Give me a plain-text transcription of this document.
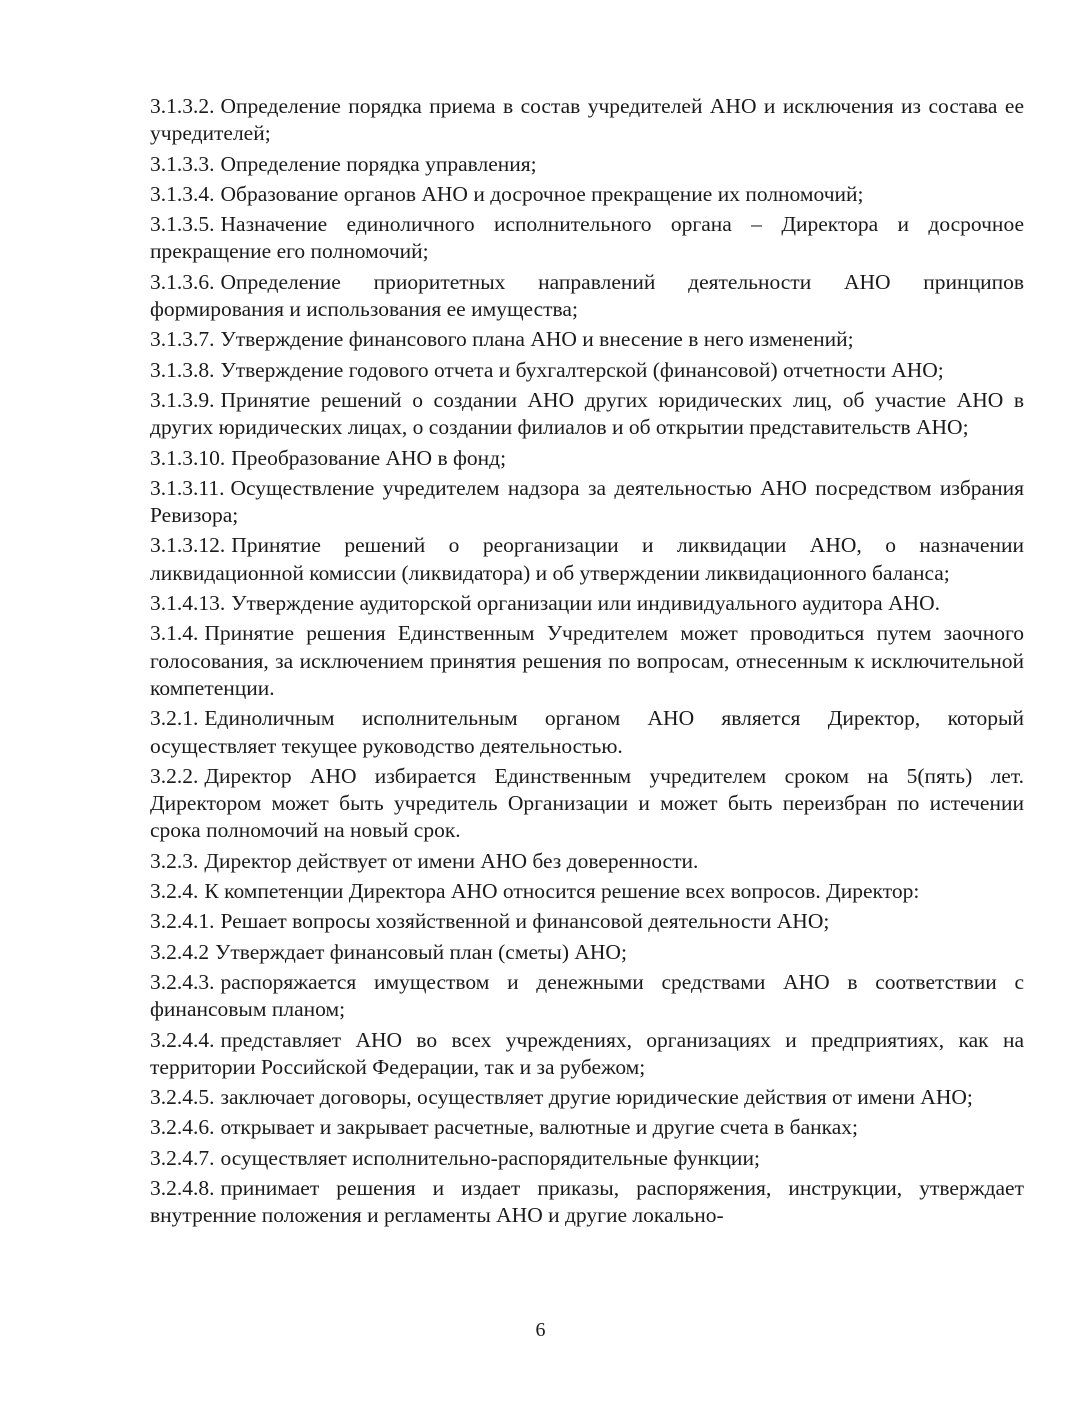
3.1.3.2. Определение порядка приема в состав учредителей АНО и исключения из состава ее учредителей;

3.1.3.3. Определение порядка управления;

3.1.3.4. Образование органов АНО и досрочное прекращение их полномочий;

3.1.3.5. Назначение единоличного исполнительного органа – Директора и досрочное прекращение его полномочий;

3.1.3.6. Определение приоритетных направлений деятельности АНО принципов формирования и использования ее имущества;

3.1.3.7. Утверждение финансового плана АНО и внесение в него изменений;

3.1.3.8. Утверждение годового отчета и бухгалтерской (финансовой) отчетности АНО;

3.1.3.9. Принятие решений о создании АНО других юридических лиц, об участие АНО в других юридических лицах, о создании филиалов и об открытии представительств АНО;

3.1.3.10. Преобразование АНО в фонд;

3.1.3.11. Осуществление учредителем надзора за деятельностью АНО посредством избрания Ревизора;

3.1.3.12. Принятие решений о реорганизации и ликвидации АНО, о назначении ликвидационной комиссии (ликвидатора) и об утверждении ликвидационного баланса;

3.1.4.13. Утверждение аудиторской организации или индивидуального аудитора АНО.

3.1.4. Принятие решения Единственным Учредителем может проводиться путем заочного голосования, за исключением принятия решения по вопросам, отнесенным к исключительной компетенции.

3.2.1. Единоличным исполнительным органом АНО является Директор, который осуществляет текущее руководство деятельностью.

3.2.2. Директор АНО избирается Единственным учредителем сроком на 5(пять) лет. Директором может быть учредитель Организации и может быть переизбран по истечении срока полномочий на новый срок.

3.2.3. Директор действует от имени АНО без доверенности.

3.2.4. К компетенции Директора АНО относится решение всех вопросов. Директор:

3.2.4.1. Решает вопросы хозяйственной и финансовой деятельности АНО;

3.2.4.2 Утверждает финансовый план (сметы) АНО;

3.2.4.3. распоряжается имуществом и денежными средствами АНО в соответствии с финансовым планом;

3.2.4.4. представляет АНО во всех учреждениях, организациях и предприятиях, как на территории Российской Федерации, так и за рубежом;

3.2.4.5. заключает договоры, осуществляет другие юридические действия от имени АНО;

3.2.4.6. открывает и закрывает расчетные, валютные и другие счета в банках;

3.2.4.7. осуществляет исполнительно-распорядительные функции;

3.2.4.8. принимает решения и издает приказы, распоряжения, инструкции, утверждает внутренние положения и регламенты АНО и другие локально-

6
